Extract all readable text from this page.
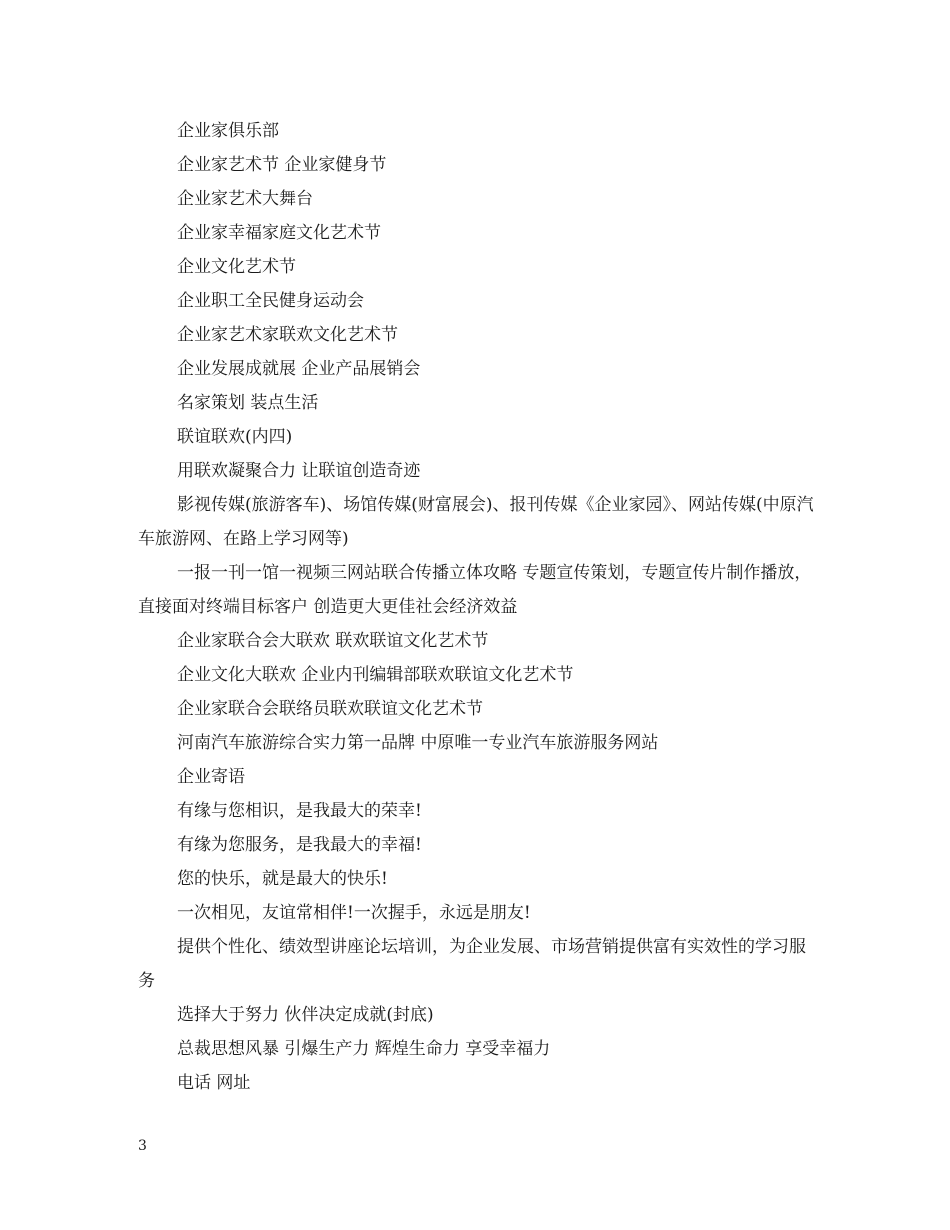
企业家俱乐部

企业家艺术节 企业家健身节

企业家艺术大舞台

企业家幸福家庭文化艺术节

企业文化艺术节

企业职工全民健身运动会

企业家艺术家联欢文化艺术节

企业发展成就展 企业产品展销会

名家策划 装点生活

联谊联欢(内四)

用联欢凝聚合力 让联谊创造奇迹

影视传媒(旅游客车)、场馆传媒(财富展会)、报刊传媒《企业家园》、网站传媒(中原汽车旅游网、在路上学习网等)

一报一刊一馆一视频三网站联合传播立体攻略 专题宣传策划，专题宣传片制作播放，直接面对终端目标客户 创造更大更佳社会经济效益

企业家联合会大联欢 联欢联谊文化艺术节

企业文化大联欢 企业内刊编辑部联欢联谊文化艺术节

企业家联合会联络员联欢联谊文化艺术节

河南汽车旅游综合实力第一品牌 中原唯一专业汽车旅游服务网站

企业寄语

有缘与您相识，是我最大的荣幸!

有缘为您服务，是我最大的幸福!

您的快乐，就是最大的快乐!

一次相见，友谊常相伴!一次握手，永远是朋友!

提供个性化、绩效型讲座论坛培训，为企业发展、市场营销提供富有实效性的学习服务

选择大于努力 伙伴决定成就(封底)

总裁思想风暴 引爆生产力 辉煌生命力 享受幸福力

电话 网址

3
